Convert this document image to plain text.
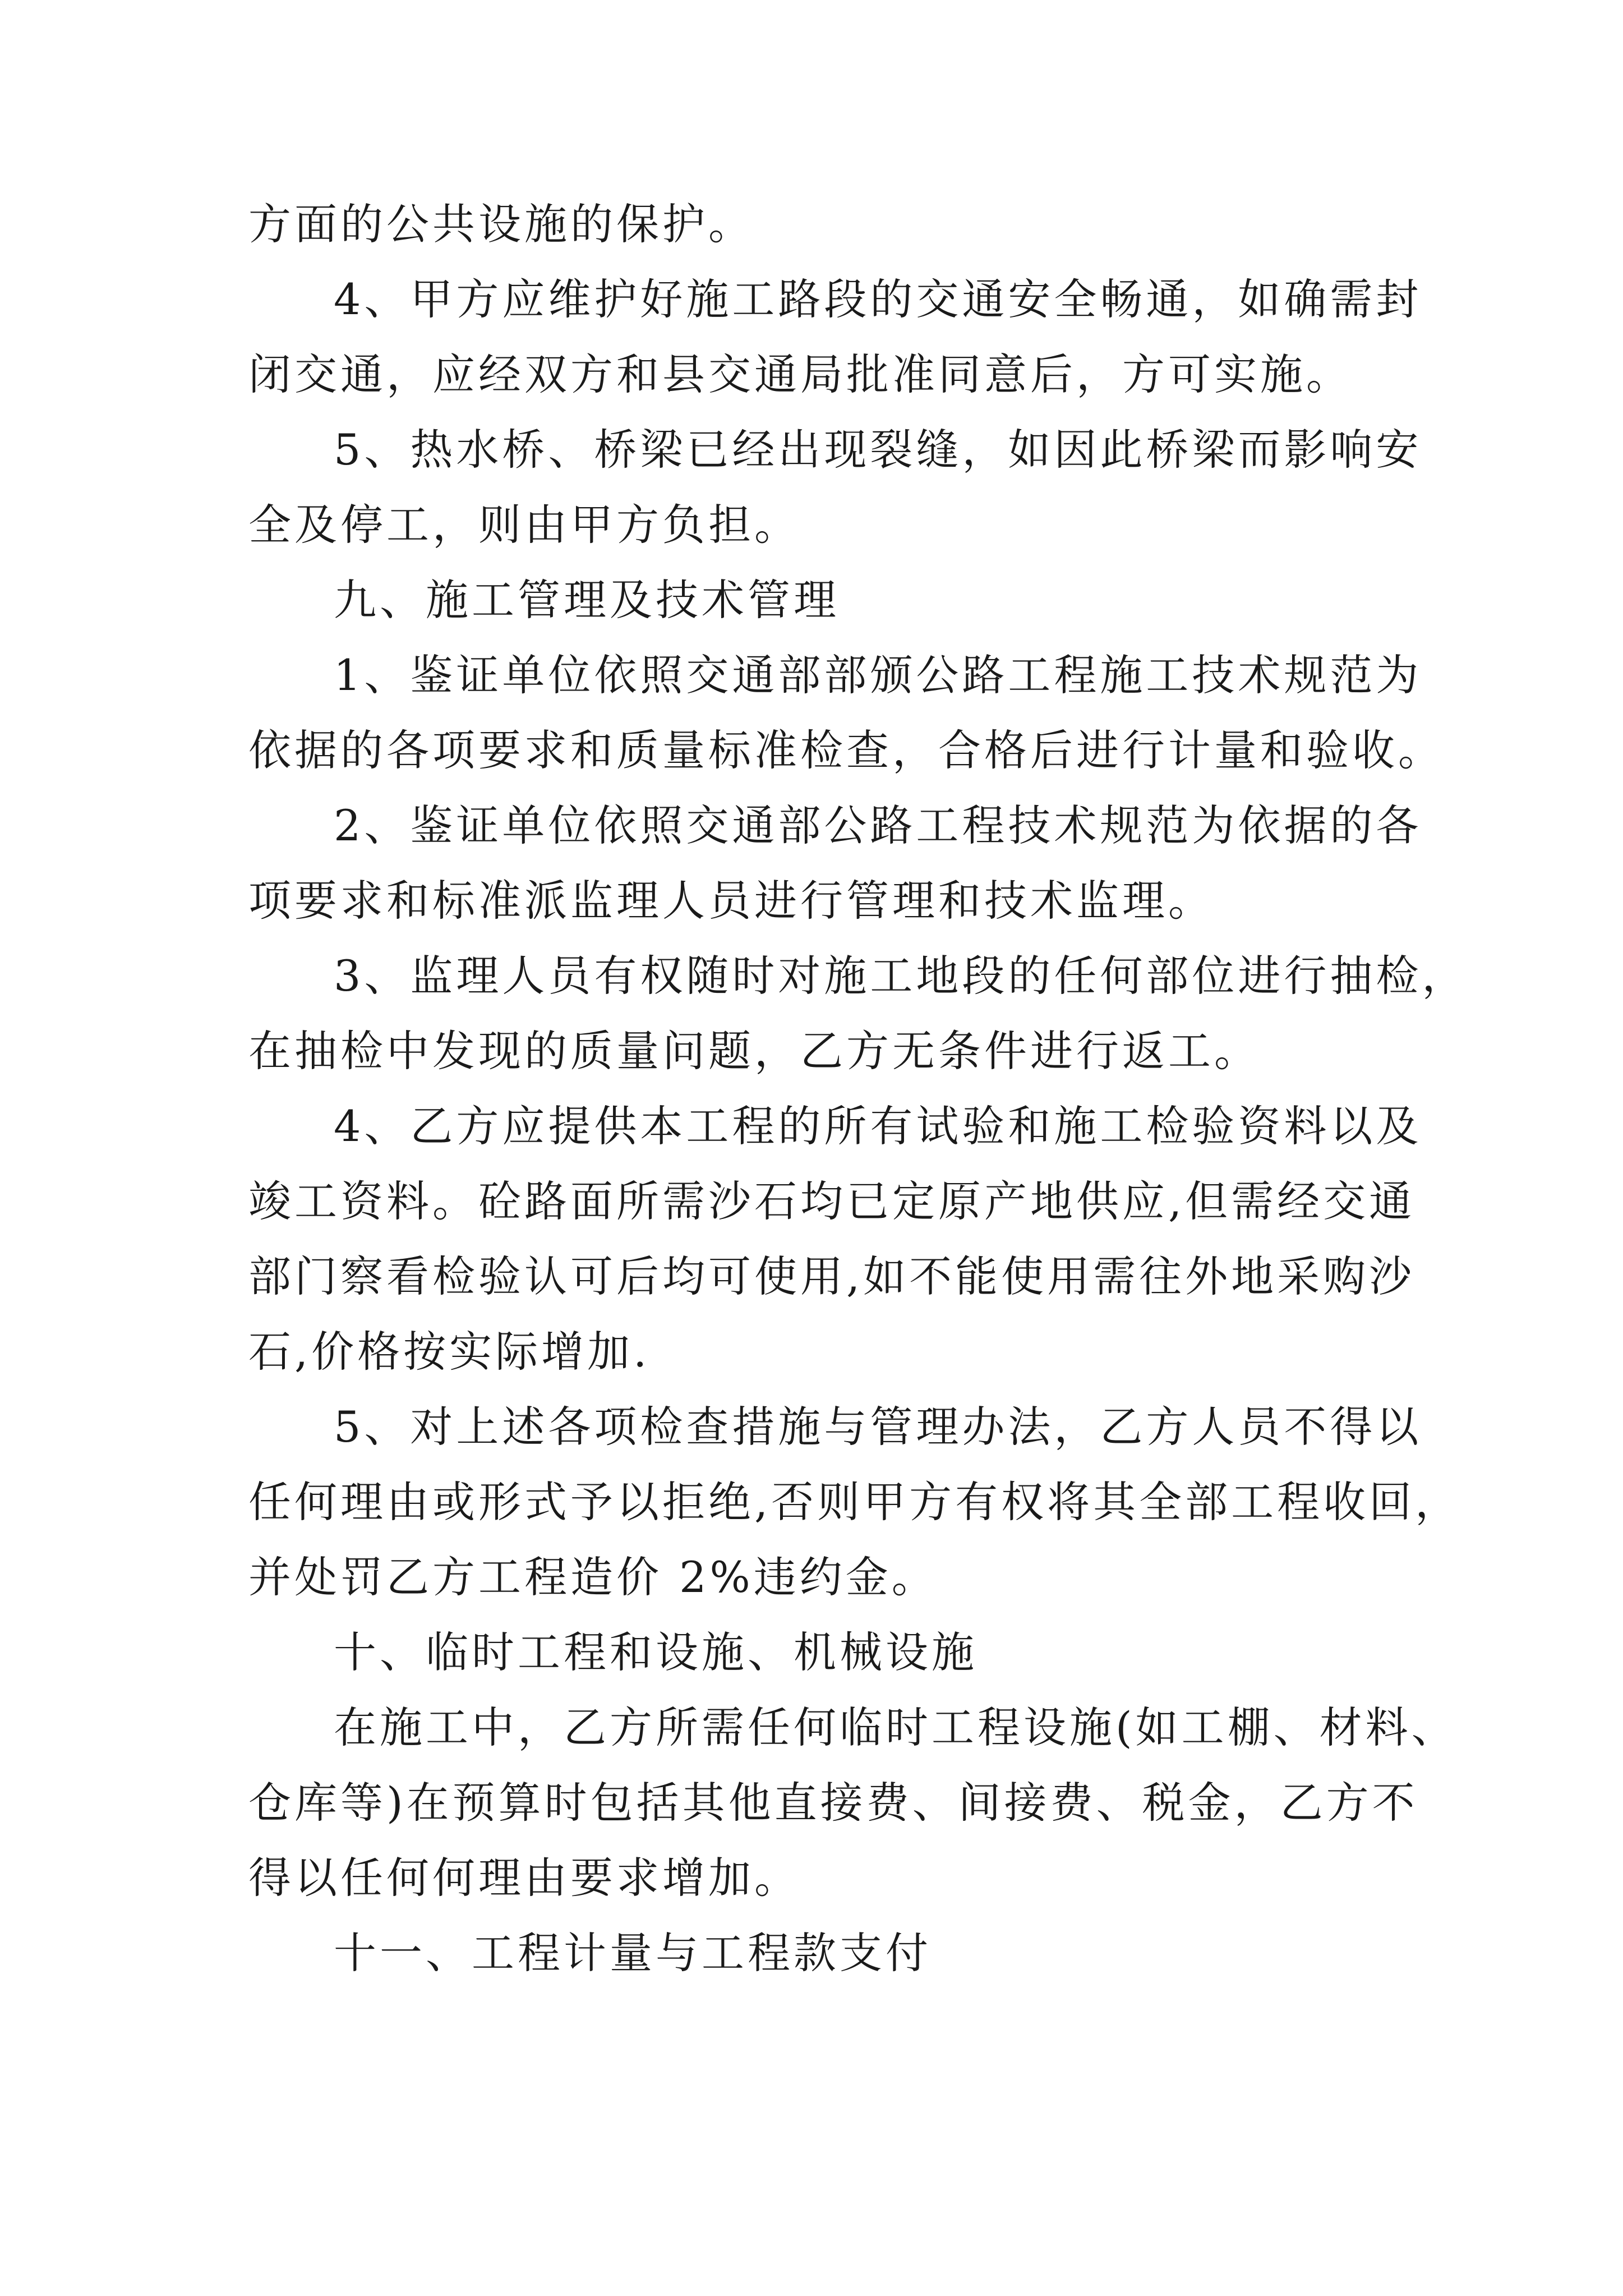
方面的公共设施的保护。
4、甲方应维护好施工路段的交通安全畅通，如确需封
闭交通，应经双方和县交通局批准同意后，方可实施。
5、热水桥、桥梁已经出现裂缝，如因此桥梁而影响安
全及停工，则由甲方负担。
九、施工管理及技术管理
1、鉴证单位依照交通部部颁公路工程施工技术规范为
依据的各项要求和质量标准检查，合格后进行计量和验收。
2、鉴证单位依照交通部公路工程技术规范为依据的各
项要求和标准派监理人员进行管理和技术监理。
3、监理人员有权随时对施工地段的任何部位进行抽检，
在抽检中发现的质量问题，乙方无条件进行返工。
4、乙方应提供本工程的所有试验和施工检验资料以及
竣工资料。砼路面所需沙石均已定原产地供应,但需经交通
部门察看检验认可后均可使用,如不能使用需往外地采购沙
石,价格按实际增加.
5、对上述各项检查措施与管理办法，乙方人员不得以
任何理由或形式予以拒绝,否则甲方有权将其全部工程收回，
并处罚乙方工程造价 2%违约金。
十、临时工程和设施、机械设施
在施工中，乙方所需任何临时工程设施(如工棚、材料、
仓库等)在预算时包括其他直接费、间接费、税金，乙方不
得以任何何理由要求增加。
十一、工程计量与工程款支付
